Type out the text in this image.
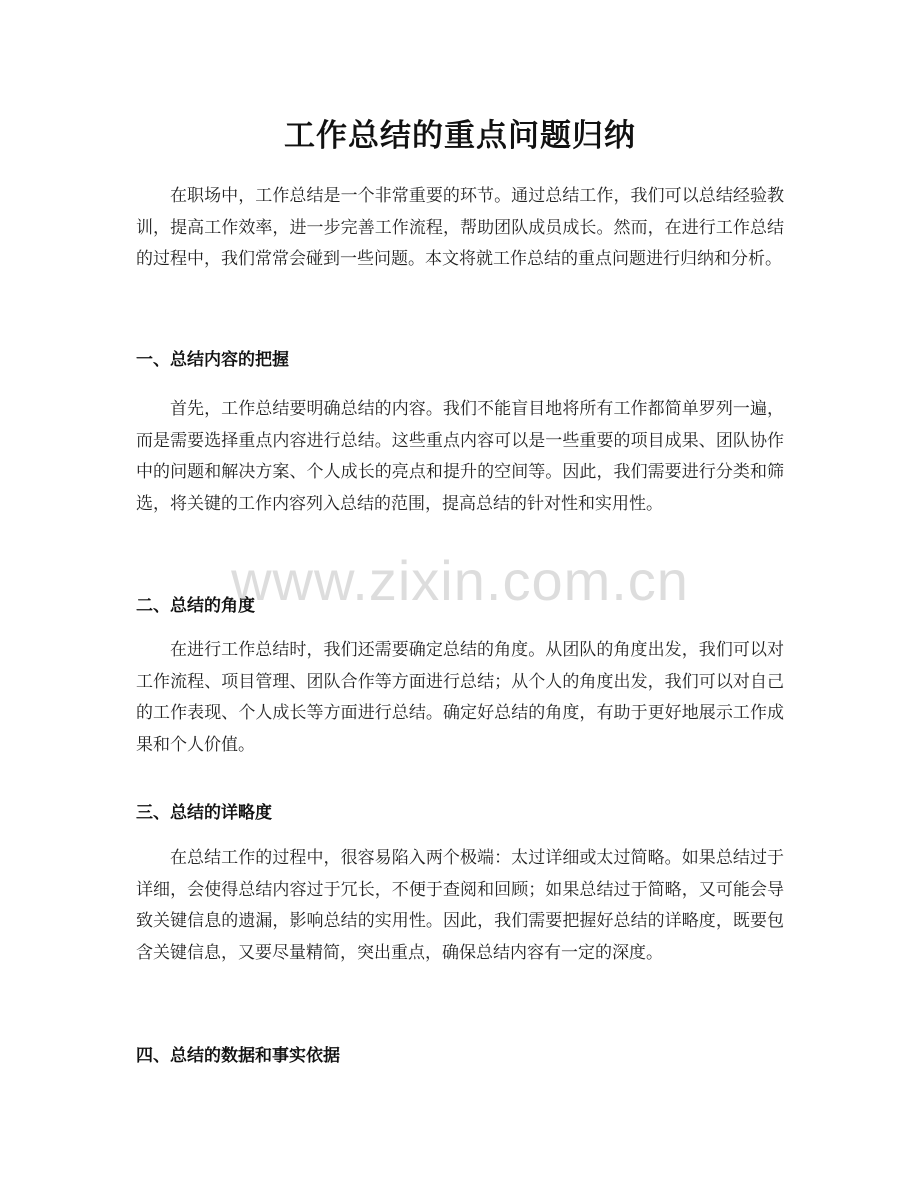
工作总结的重点问题归纳
在职场中，工作总结是一个非常重要的环节。通过总结工作，我们可以总结经验教训，提高工作效率，进一步完善工作流程，帮助团队成员成长。然而，在进行工作总结的过程中，我们常常会碰到一些问题。本文将就工作总结的重点问题进行归纳和分析。
一、总结内容的把握
首先，工作总结要明确总结的内容。我们不能盲目地将所有工作都简单罗列一遍，而是需要选择重点内容进行总结。这些重点内容可以是一些重要的项目成果、团队协作中的问题和解决方案、个人成长的亮点和提升的空间等。因此，我们需要进行分类和筛选，将关键的工作内容列入总结的范围，提高总结的针对性和实用性。
二、总结的角度
在进行工作总结时，我们还需要确定总结的角度。从团队的角度出发，我们可以对工作流程、项目管理、团队合作等方面进行总结；从个人的角度出发，我们可以对自己的工作表现、个人成长等方面进行总结。确定好总结的角度，有助于更好地展示工作成果和个人价值。
三、总结的详略度
在总结工作的过程中，很容易陷入两个极端：太过详细或太过简略。如果总结过于详细，会使得总结内容过于冗长，不便于查阅和回顾；如果总结过于简略，又可能会导致关键信息的遗漏，影响总结的实用性。因此，我们需要把握好总结的详略度，既要包含关键信息，又要尽量精简，突出重点，确保总结内容有一定的深度。
四、总结的数据和事实依据
www.zixin.com.cn
